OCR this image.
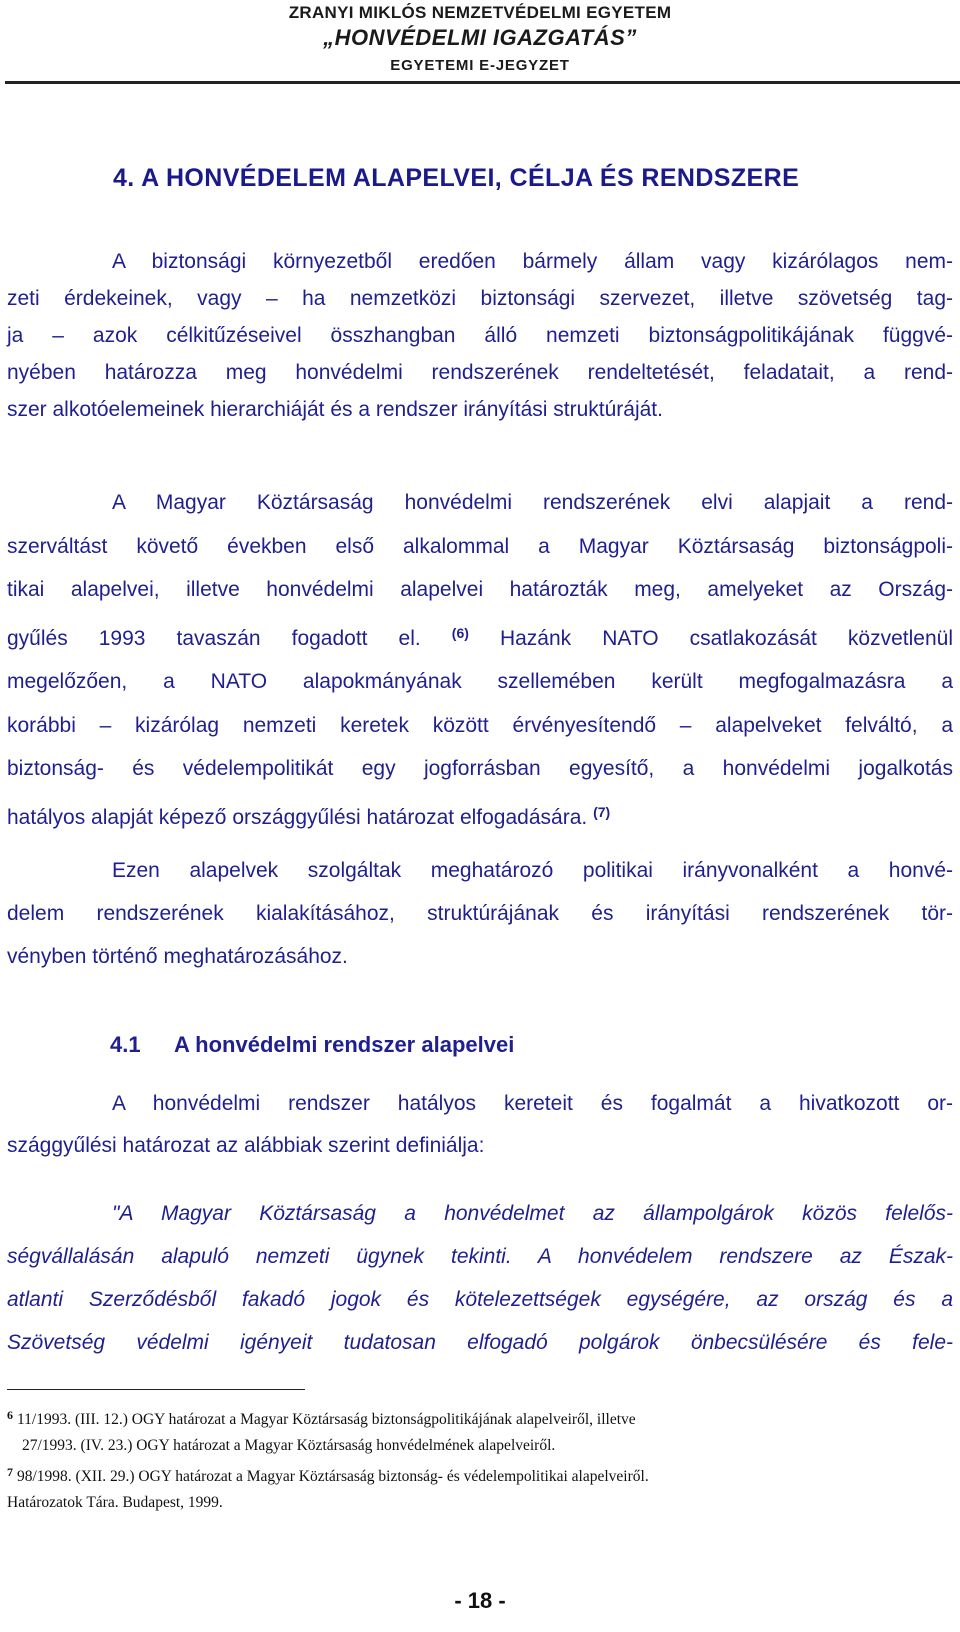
ZRANYI MIKLÓS NEMZETVÉDELMI EGYETEM
„HONVÉDELMI IGAZGATÁS”
EGYETEMI E-JEGYZET
4. A HONVÉDELEM ALAPELVEI, CÉLJA ÉS RENDSZERE
A biztonsági környezetből eredően bármely állam vagy kizárólagos nem-
zeti érdekeinek, vagy – ha nemzetközi biztonsági szervezet, illetve szövetség tag-
ja – azok célkitűzéseivel összhangban álló nemzeti biztonságpolitikájának függvé-
nyében határozza meg honvédelmi rendszerének rendeltetését, feladatait, a rend-
szer alkotóelemeinek hierarchiáját és a rendszer irányítási struktúráját.
A Magyar Köztársaság honvédelmi rendszerének elvi alapjait a rend-
szerváltást követő években első alkalommal a Magyar Köztársaság biztonságpoli-
tikai alapelvei, illetve honvédelmi alapelvei határozták meg, amelyeket az Ország-
gyűlés 1993 tavaszán fogadott el. $^{(6)}$ Hazánk NATO csatlakozását közvetlenül
megelőzően, a NATO alapokmányának szellemében került megfogalmazásra a
korábbi – kizárólag nemzeti keretek között érvényesítendő – alapelveket felváltó, a
biztonság- és védelempolitikát egy jogforrásban egyesítő, a honvédelmi jogalkotás
hatályos alapját képező országgyűlési határozat elfogadására. $^{(7)}$
Ezen alapelvek szolgáltak meghatározó politikai irányvonalként a honvé-
delem rendszerének kialakításához, struktúrájának és irányítási rendszerének tör-
vényben történő meghatározásához.
4.1 A honvédelmi rendszer alapelvei
A honvédelmi rendszer hatályos kereteit és fogalmát a hivatkozott or-
szággyűlési határozat az alábbiak szerint definiálja:
"A Magyar Köztársaság a honvédelmet az állampolgárok közös felelős-
ségvállalásán alapuló nemzeti ügynek tekinti. A honvédelem rendszere az Észak-
atlanti Szerződésből fakadó jogok és kötelezettségek egységére, az ország és a
Szövetség védelmi igényeit tudatosan elfogadó polgárok önbecsülésére és fele-
$^6$ 11/1993. (III. 12.) OGY határozat a Magyar Köztársaság biztonságpolitikájának alapelveiről, illetve
27/1993. (IV. 23.) OGY határozat a Magyar Köztársaság honvédelmének alapelveiről.
$^7$ 98/1998. (XII. 29.) OGY határozat a Magyar Köztársaság biztonság- és védelempolitikai alapelveiről.
Határozatok Tára. Budapest, 1999.
- 18 -
